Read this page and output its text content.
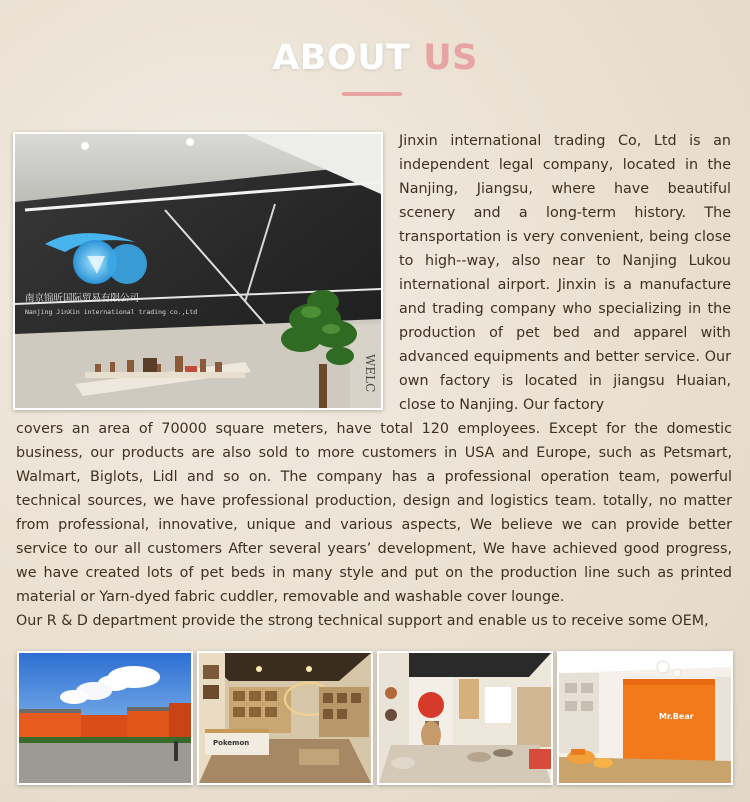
ABOUT US
南京锦昕国际贸易有限公司
Nanjing JinXin international trading co.,Ltd
WELC
Jinxin international trading Co, Ltd is an independent legal company, located in the Nanjing, Jiangsu, where have beautiful scenery and a long-term history. The transportation is very convenient, being close to high--way, also near to Nanjing Lukou international airport. Jinxin is a manufacture and trading company who specializing in the production of pet bed and apparel with advanced equipments and better service. Our own factory is located in jiangsu Huaian, close to Nanjing. Our factory
covers an area of 70000 square meters, have total 120 employees. Except for the domestic business, our products are also sold to more customers in USA and Europe, such as Petsmart, Walmart, Biglots, Lidl and so on. The company has a professional operation team, powerful technical sources, we have professional production, design and logistics team. totally, no matter from professional, innovative, unique and various aspects, We believe we can provide better service to our all customers After several years’ development, We have achieved good progress, we have created lots of pet beds in many style and put on the production line such as printed material or Yarn-dyed fabric cuddler, removable and washable cover lounge.
Our R & D department provide the strong technical support and enable us to receive some OEM,
Pokemon
Mr.Bear
